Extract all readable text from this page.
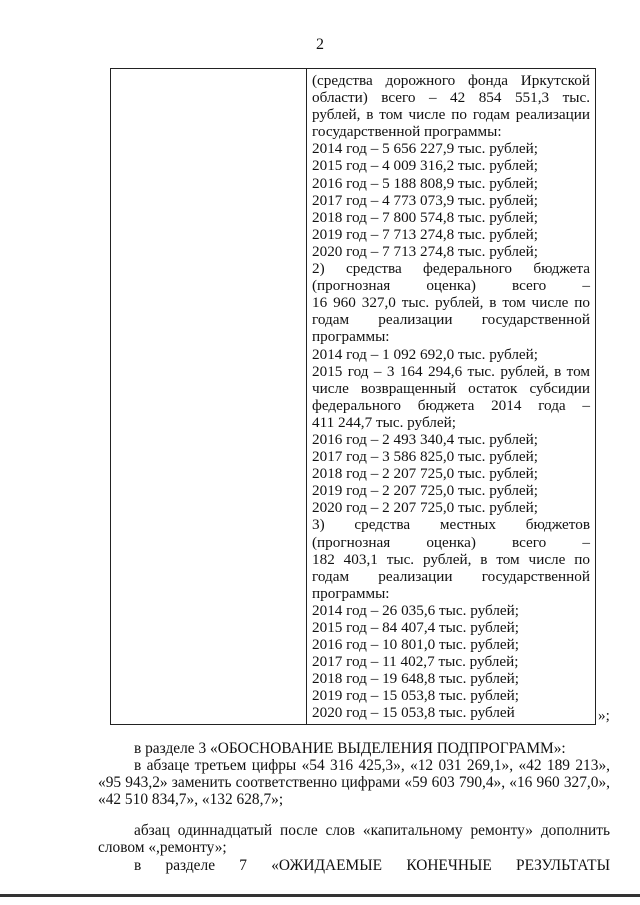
2
(средства дорожного фонда Иркутской
области) всего – 42 854 551,3 тыс.
рублей, в том числе по годам реализации
государственной программы:
2014 год – 5 656 227,9 тыс. рублей;
2015 год – 4 009 316,2 тыс. рублей;
2016 год – 5 188 808,9 тыс. рублей;
2017 год – 4 773 073,9 тыс. рублей;
2018 год – 7 800 574,8 тыс. рублей;
2019 год – 7 713 274,8 тыс. рублей;
2020 год – 7 713 274,8 тыс. рублей;
2) средства федерального бюджета
(прогнозная оценка) всего –
16 960 327,0 тыс. рублей, в том числе по
годам реализации государственной
программы:
2014 год – 1 092 692,0 тыс. рублей;
2015 год – 3 164 294,6 тыс. рублей, в том
числе возвращенный остаток субсидии
федерального бюджета 2014 года –
411 244,7 тыс. рублей;
2016 год – 2 493 340,4 тыс. рублей;
2017 год – 3 586 825,0 тыс. рублей;
2018 год – 2 207 725,0 тыс. рублей;
2019 год – 2 207 725,0 тыс. рублей;
2020 год – 2 207 725,0 тыс. рублей;
3) средства местных бюджетов
(прогнозная оценка) всего –
182 403,1 тыс. рублей, в том числе по
годам реализации государственной
программы:
2014 год – 26 035,6 тыс. рублей;
2015 год – 84 407,4 тыс. рублей;
2016 год – 10 801,0 тыс. рублей;
2017 год – 11 402,7 тыс. рублей;
2018 год – 19 648,8 тыс. рублей;
2019 год – 15 053,8 тыс. рублей;
2020 год – 15 053,8 тыс. рублей	»;
в разделе 3 «ОБОСНОВАНИЕ ВЫДЕЛЕНИЯ ПОДПРОГРАММ»:
в абзаце третьем цифры «54 316 425,3», «12 031 269,1», «42 189 213»,
«95 943,2» заменить соответственно цифрами «59 603 790,4», «16 960 327,0»,
«42 510 834,7», «132 628,7»;
абзац одиннадцатый после слов «капитальному ремонту» дополнить
словом «,ремонту»;
в разделе 7 «ОЖИДАЕМЫЕ КОНЕЧНЫЕ РЕЗУЛЬТАТЫ
